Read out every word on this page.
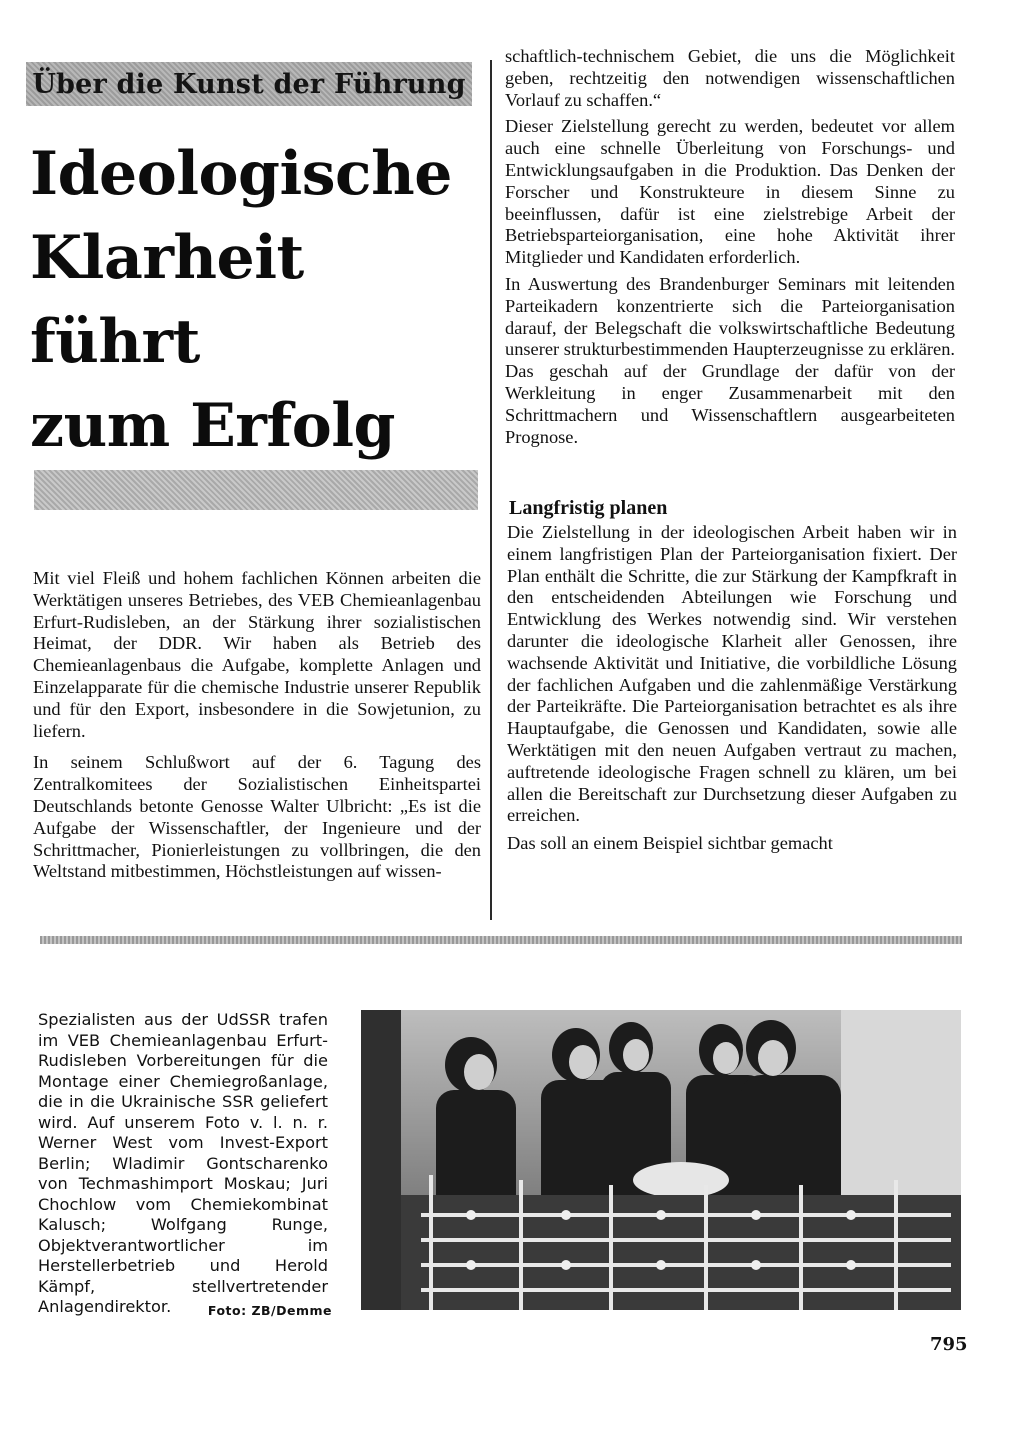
Über die Kunst der Führung
Ideologische
Klarheit
führt
zum Erfolg

Mit viel Fleiß und hohem fachlichen Können arbeiten die Werktätigen unseres Betriebes, des VEB Chemieanlagenbau Erfurt-Rudisleben, an der Stärkung ihrer sozialistischen Heimat, der DDR. Wir haben als Betrieb des Chemieanlagenbaus die Aufgabe, komplette Anlagen und Einzelapparate für die chemische Industrie unserer Republik und für den Export, insbesondere in die Sowjetunion, zu liefern.

In seinem Schlußwort auf der 6. Tagung des Zentralkomitees der Sozialistischen Einheitspartei Deutschlands betonte Genosse Walter Ulbricht: „Es ist die Aufgabe der Wissenschaftler, der Ingenieure und der Schrittmacher, Pionierleistungen zu vollbringen, die den Weltstand mitbestimmen, Höchstleistungen auf wissen-

schaftlich-technischem Gebiet, die uns die Möglichkeit geben, rechtzeitig den notwendigen wissenschaftlichen Vorlauf zu schaffen.“

Dieser Zielstellung gerecht zu werden, bedeutet vor allem auch eine schnelle Überleitung von Forschungs- und Entwicklungsaufgaben in die Produktion. Das Denken der Forscher und Konstrukteure in diesem Sinne zu beeinflussen, dafür ist eine zielstrebige Arbeit der Betriebsparteiorganisation, eine hohe Aktivität ihrer Mitglieder und Kandidaten erforderlich.

In Auswertung des Brandenburger Seminars mit leitenden Parteikadern konzentrierte sich die Parteiorganisation darauf, der Belegschaft die volkswirtschaftliche Bedeutung unserer strukturbestimmenden Haupterzeugnisse zu erklären. Das geschah auf der Grundlage der dafür von der Werkleitung in enger Zusammenarbeit mit den Schrittmachern und Wissenschaftlern ausgearbeiteten Prognose.

Langfristig planen

Die Zielstellung in der ideologischen Arbeit haben wir in einem langfristigen Plan der Parteiorganisation fixiert. Der Plan enthält die Schritte, die zur Stärkung der Kampfkraft in den entscheidenden Abteilungen wie Forschung und Entwicklung des Werkes notwendig sind. Wir verstehen darunter die ideologische Klarheit aller Genossen, ihre wachsende Aktivität und Initiative, die vorbildliche Lösung der fachlichen Aufgaben und die zahlenmäßige Verstärkung der Parteikräfte. Die Parteiorganisation betrachtet es als ihre Hauptaufgabe, die Genossen und Kandidaten, sowie alle Werktätigen mit den neuen Aufgaben vertraut zu machen, auftretende ideologische Fragen schnell zu klären, um bei allen die Bereitschaft zur Durchsetzung dieser Aufgaben zu erreichen.

Das soll an einem Beispiel sichtbar gemacht

Spezialisten aus der UdSSR trafen im VEB Chemieanlagenbau Erfurt-Rudisleben Vorbereitungen für die Montage einer Chemiegroßanlage, die in die Ukrainische SSR geliefert wird. Auf unserem Foto v. l. n. r. Werner West vom Invest-Export Berlin; Wladimir Gontscharenko von Techmashimport Moskau; Juri Chochlow vom Chemiekombinat Kalusch; Wolfgang Runge, Objektverantwortlicher im Herstellerbetrieb und Herold Kämpf, stellvertretender Anlagendirektor.	Foto: ZB/Demme
795
